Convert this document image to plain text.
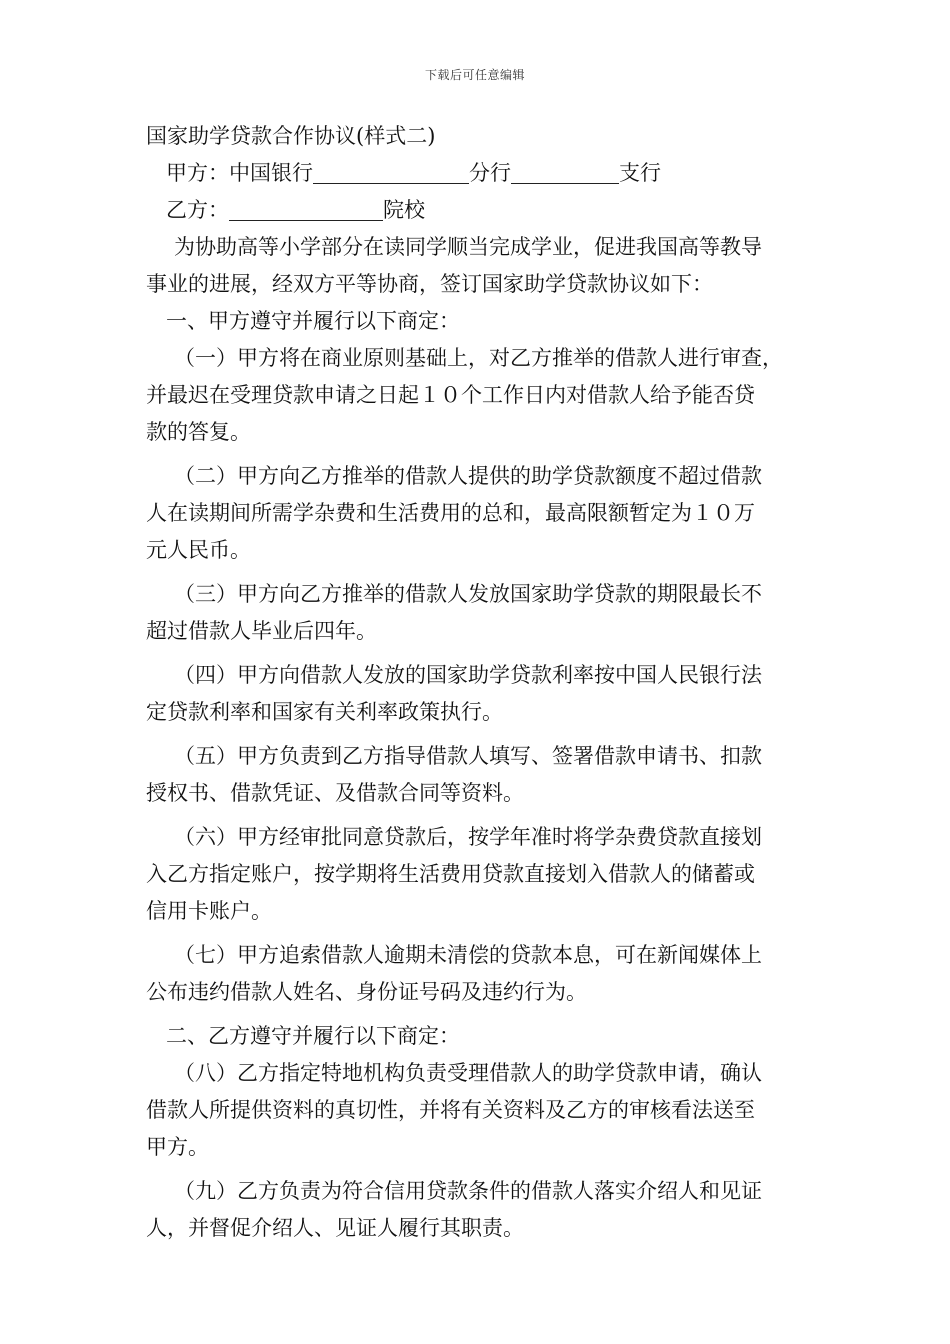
下载后可任意编辑
国家助学贷款合作协议(样式二)
甲方：中国银行	分行	支行
乙方：	院校
为协助高等小学部分在读同学顺当完成学业，促进我国高等教导
事业的进展，经双方平等协商，签订国家助学贷款协议如下：
一、甲方遵守并履行以下商定：
（一）甲方将在商业原则基础上，对乙方推举的借款人进行审查，
并最迟在受理贷款申请之日起１０个工作日内对借款人给予能否贷
款的答复。
（二）甲方向乙方推举的借款人提供的助学贷款额度不超过借款
人在读期间所需学杂费和生活费用的总和，最高限额暂定为１０万
元人民币。
（三）甲方向乙方推举的借款人发放国家助学贷款的期限最长不
超过借款人毕业后四年。
（四）甲方向借款人发放的国家助学贷款利率按中国人民银行法
定贷款利率和国家有关利率政策执行。
（五）甲方负责到乙方指导借款人填写、签署借款申请书、扣款
授权书、借款凭证、及借款合同等资料。
（六）甲方经审批同意贷款后，按学年准时将学杂费贷款直接划
入乙方指定账户，按学期将生活费用贷款直接划入借款人的储蓄或
信用卡账户。
（七）甲方追索借款人逾期未清偿的贷款本息，可在新闻媒体上
公布违约借款人姓名、身份证号码及违约行为。
二、乙方遵守并履行以下商定：
（八）乙方指定特地机构负责受理借款人的助学贷款申请，确认
借款人所提供资料的真切性，并将有关资料及乙方的审核看法送至
甲方。
（九）乙方负责为符合信用贷款条件的借款人落实介绍人和见证
人，并督促介绍人、见证人履行其职责。
